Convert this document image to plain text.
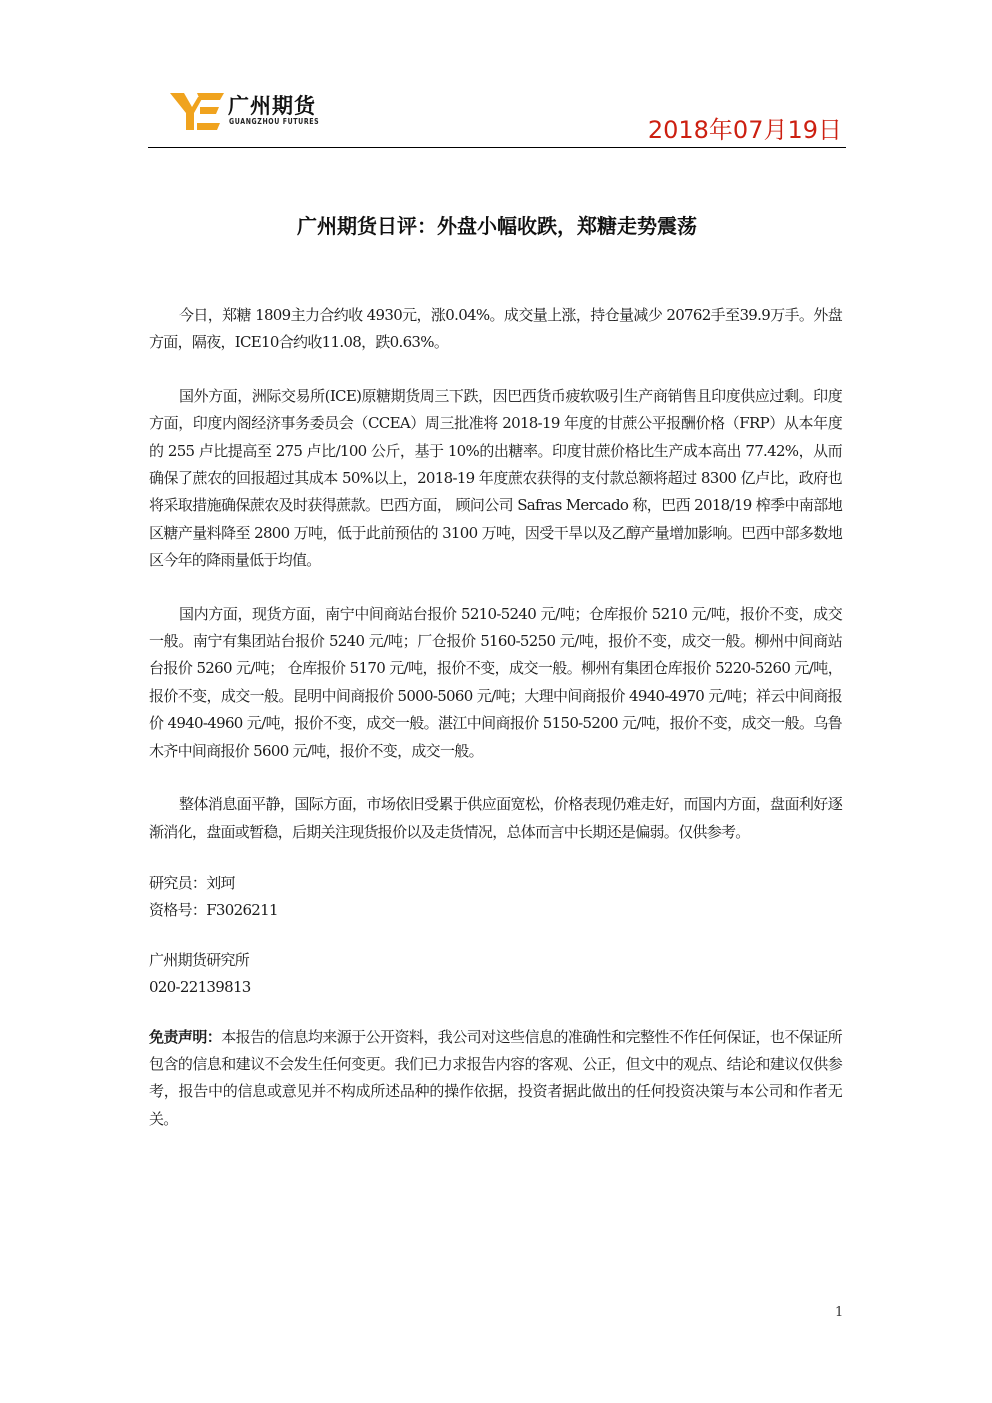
广州期货
GUANGZHOU FUTURES	2018年07月19日
广州期货日评：外盘小幅收跌，郑糖走势震荡

今日，郑糖 1809主力合约收 4930元，涨0.04%。成交量上涨，持仓量减少 20762手至39.9万手。外盘方面，隔夜，ICE10合约收11.08，跌0.63%。

国外方面，洲际交易所(ICE)原糖期货周三下跌，因巴西货币疲软吸引生产商销售且印度供应过剩。印度方面，印度内阁经济事务委员会（CCEA）周三批准将 2018-19 年度的甘蔗公平报酬价格（FRP）从本年度的 255 卢比提高至 275 卢比/100 公斤，基于 10%的出糖率。印度甘蔗价格比生产成本高出 77.42%，从而确保了蔗农的回报超过其成本 50%以上，2018-19 年度蔗农获得的支付款总额将超过 8300 亿卢比，政府也将采取措施确保蔗农及时获得蔗款。巴西方面， 顾问公司 Safras Mercado 称，巴西 2018/19 榨季中南部地区糖产量料降至 2800 万吨，低于此前预估的 3100 万吨，因受干旱以及乙醇产量增加影响。巴西中部多数地区今年的降雨量低于均值。

国内方面，现货方面，南宁中间商站台报价 5210-5240 元/吨；仓库报价 5210 元/吨，报价不变，成交一般。南宁有集团站台报价 5240 元/吨；厂仓报价 5160-5250 元/吨，报价不变，成交一般。柳州中间商站台报价 5260 元/吨； 仓库报价 5170 元/吨，报价不变，成交一般。柳州有集团仓库报价 5220-5260 元/吨，报价不变，成交一般。昆明中间商报价 5000-5060 元/吨；大理中间商报价 4940-4970 元/吨；祥云中间商报价 4940-4960 元/吨，报价不变，成交一般。湛江中间商报价 5150-5200 元/吨，报价不变，成交一般。乌鲁木齐中间商报价 5600 元/吨，报价不变，成交一般。

整体消息面平静，国际方面，市场依旧受累于供应面宽松，价格表现仍难走好，而国内方面，盘面利好逐渐消化，盘面或暂稳，后期关注现货报价以及走货情况，总体而言中长期还是偏弱。仅供参考。

研究员：刘珂
资格号：F3026211
广州期货研究所
020-22139813

免责声明：本报告的信息均来源于公开资料，我公司对这些信息的准确性和完整性不作任何保证，也不保证所包含的信息和建议不会发生任何变更。我们已力求报告内容的客观、公正，但文中的观点、结论和建议仅供参考，报告中的信息或意见并不构成所述品种的操作依据，投资者据此做出的任何投资决策与本公司和作者无关。

1
